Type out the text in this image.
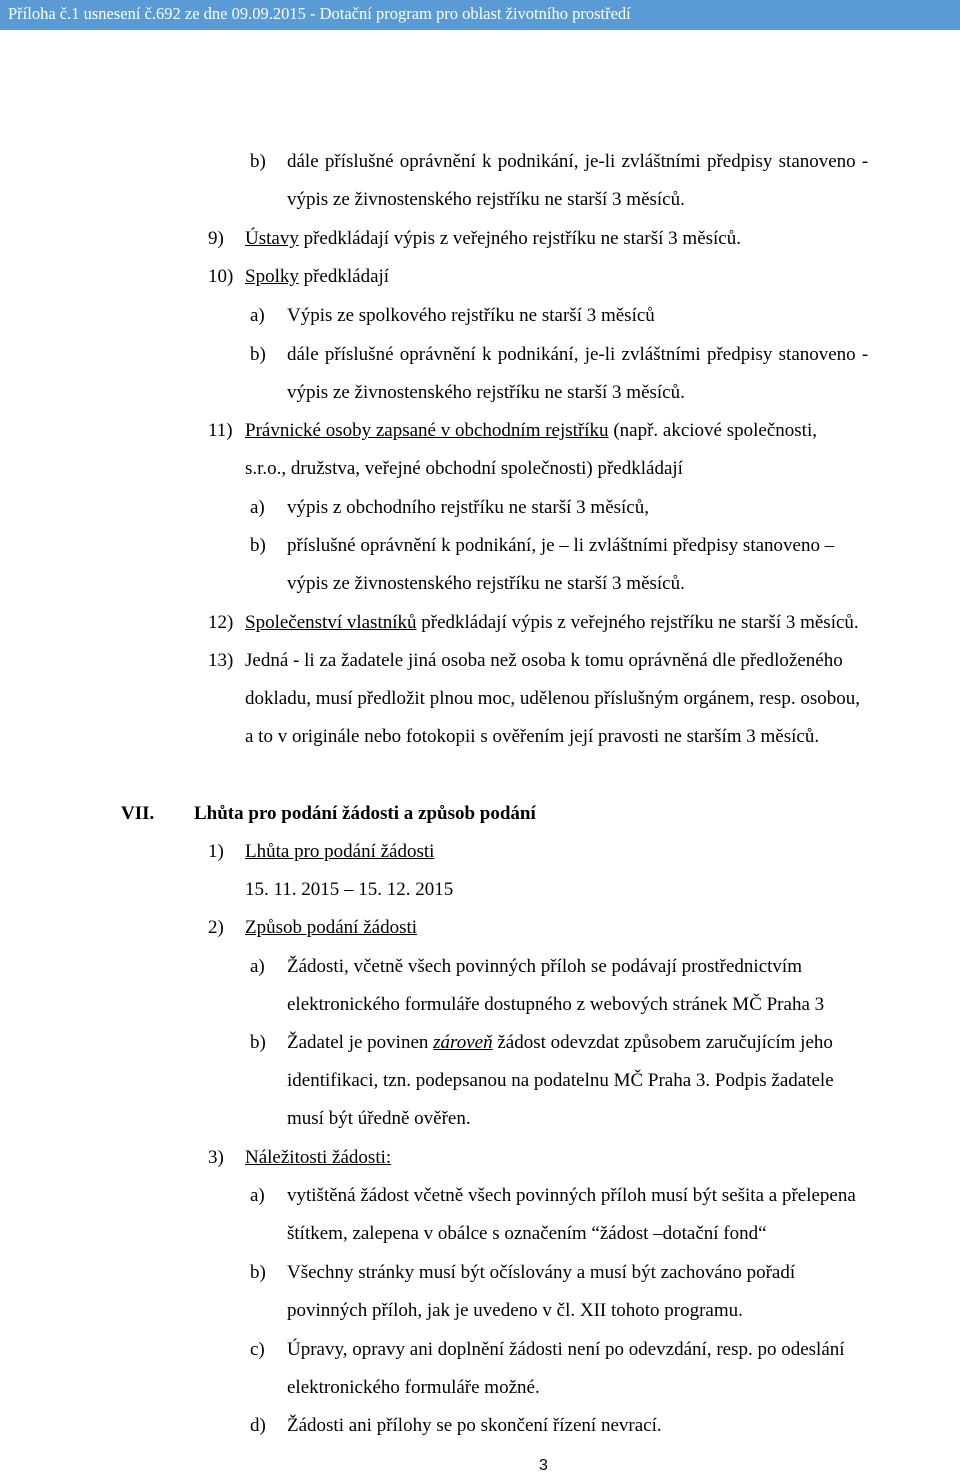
Příloha č.1 usnesení č.692 ze dne 09.09.2015 - Dotační program pro oblast životního prostředí
b) dále příslušné oprávnění k podnikání, je-li zvláštními předpisy stanoveno -
výpis ze živnostenského rejstříku ne starší 3 měsíců.
9) Ústavy předkládají výpis z veřejného rejstříku ne starší 3 měsíců.
10) Spolky předkládají
a) Výpis ze spolkového rejstříku ne starší 3 měsíců
b) dále příslušné oprávnění k podnikání, je-li zvláštními předpisy stanoveno -
výpis ze živnostenského rejstříku ne starší 3 měsíců.
11) Právnické osoby zapsané v obchodním rejstříku (např. akciové společnosti,
s.r.o., družstva, veřejné obchodní společnosti) předkládají
a) výpis z obchodního rejstříku ne starší 3 měsíců,
b) příslušné oprávnění k podnikání, je – li zvláštními předpisy stanoveno –
výpis ze živnostenského rejstříku ne starší 3 měsíců.
12) Společenství vlastníků předkládají výpis z veřejného rejstříku ne starší 3 měsíců.
13) Jedná - li za žadatele jiná osoba než osoba k tomu oprávněná dle předloženého
dokladu, musí předložit plnou moc, udělenou příslušným orgánem, resp. osobou,
a to v originále nebo fotokopii s ověřením její pravosti ne starším 3 měsíců.
VII. Lhůta pro podání žádosti a způsob podání
1) Lhůta pro podání žádosti
15. 11. 2015 – 15. 12. 2015
2) Způsob podání žádosti
a) Žádosti, včetně všech povinných příloh se podávají prostřednictvím
elektronického formuláře dostupného z webových stránek MČ Praha 3
b) Žadatel je povinen zároveň žádost odevzdat způsobem zaručujícím jeho
identifikaci, tzn. podepsanou na podatelnu MČ Praha 3. Podpis žadatele
musí být úředně ověřen.
3) Náležitosti žádosti:
a) vytištěná žádost včetně všech povinných příloh musí být sešita a přelepena
štítkem, zalepena v obálce s označením “žádost –dotační fond“
b) Všechny stránky musí být očíslovány a musí být zachováno pořadí
povinných příloh, jak je uvedeno v čl. XII tohoto programu.
c) Úpravy, opravy ani doplnění žádosti není po odevzdání, resp. po odeslání
elektronického formuláře možné.
d) Žádosti ani přílohy se po skončení řízení nevrací.
3
